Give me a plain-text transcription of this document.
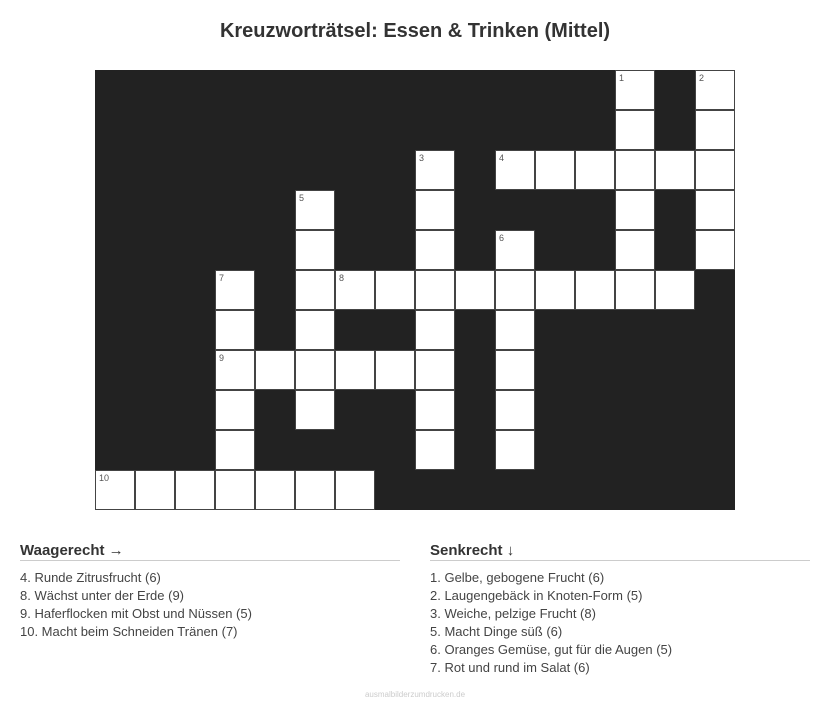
Kreuzworträtsel: Essen & Trinken (Mittel)
1	2
3	4
5
6
7
9
8
10
Waagerecht →
4. Runde Zitrusfrucht (6)
8. Wächst unter der Erde (9)
9. Haferflocken mit Obst und Nüssen (5)
10. Macht beim Schneiden Tränen (7)
Senkrecht ↓
1. Gelbe, gebogene Frucht (6)
2. Laugengebäck in Knoten-Form (5)
3. Weiche, pelzige Frucht (8)
5. Macht Dinge süß (6)
6. Oranges Gemüse, gut für die Augen (5)
7. Rot und rund im Salat (6)
ausmalbilderzumdrucken.de
